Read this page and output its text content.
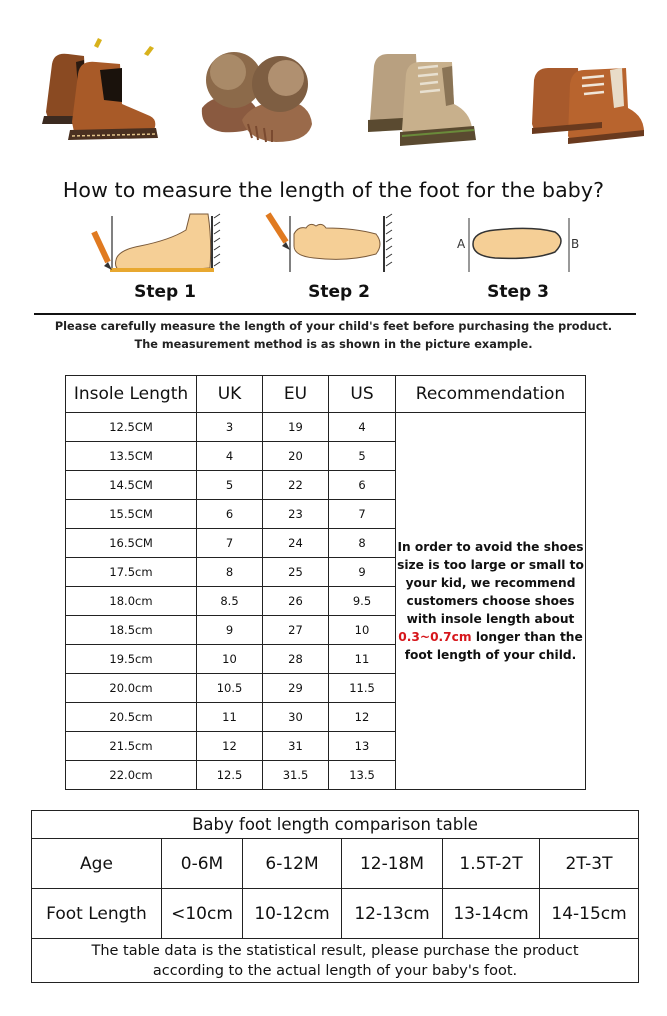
How to measure the length of the foot for the baby?
Step 1	Step 2
A	B
Step 3
Please carefully measure the length of your child's feet before purchasing the product.
The measurement method is as shown in the picture example.
Insole Length	UK	EU	US	Recommendation
12.5CM	3	19	4	In order to avoid the shoes size is too large or small to your kid, we recommend customers choose shoes with insole length about
0.3~0.7cm longer than the foot length of your child.
13.5CM	4	20	5	
14.5CM	5	22	6	
15.5CM	6	23	7	
16.5CM	7	24	8	
17.5cm	8	25	9	
18.0cm	8.5	26	9.5	
18.5cm	9	27	10	
19.5cm	10	28	11	
20.0cm	10.5	29	11.5	
20.5cm	11	30	12	
21.5cm	12	31	13	
22.0cm	12.5	31.5	13.5	
Baby foot length comparison table					
Age	0-6M	6-12M	12-18M	1.5T-2T	2T-3T
Foot Length	<10cm	10-12cm	12-13cm	13-14cm	14-15cm
The table data is the statistical result, please purchase the product
according to the actual length of your baby's foot.					
